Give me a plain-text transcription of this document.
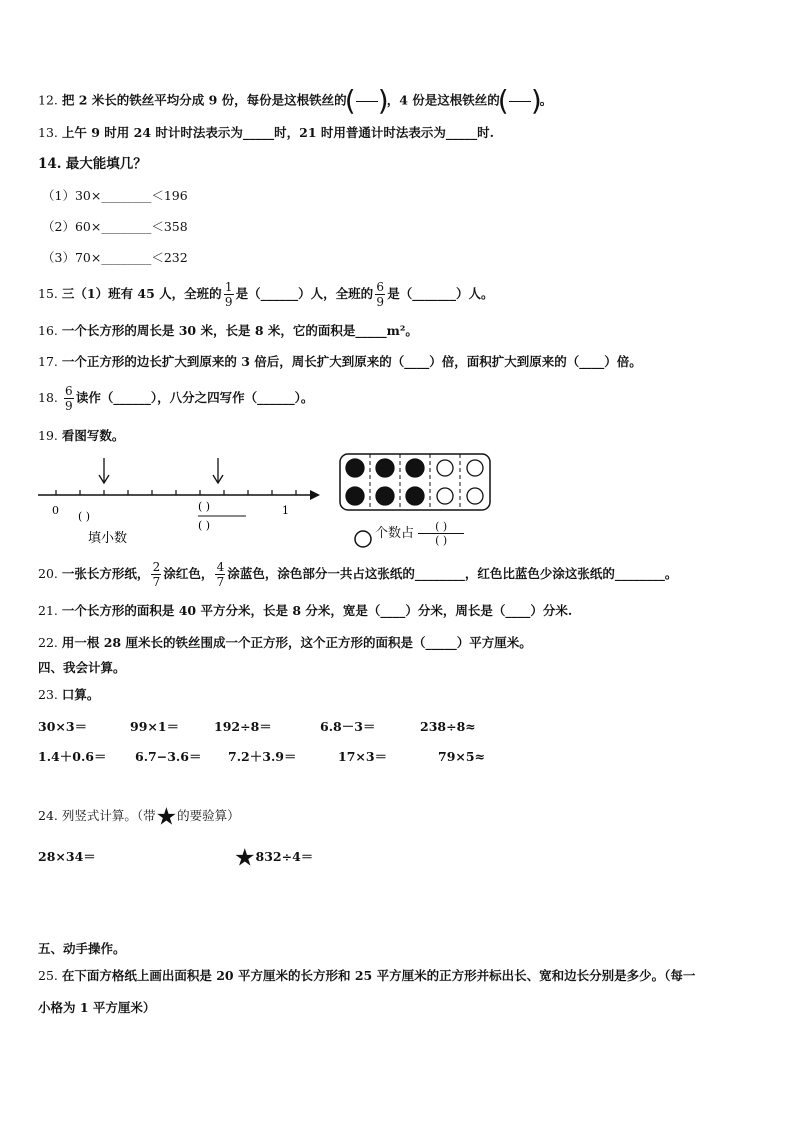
12. 把 2 米长的铁丝平均分成 9 份，每份是这根铁丝的
( )
，4 份是这根铁丝的
( )
。
13. 上午 9 时用 24 时计时法表示为_____时，21 时用普通计时法表示为_____时.
14. 最大能填几？
（1）30×________＜196
（2）60×________＜358
（3）70×________＜232
15. 三（1）班有 45 人，全班的 $\frac{1}{9}$ 是（______）人，全班的 $\frac{6}{9}$ 是（_______）人。
16. 一个长方形的周长是 30 米，长是 8 米，它的面积是_____m²。
17. 一个正方形的边长扩大到原来的 3 倍后，周长扩大到原来的（____）倍，面积扩大到原来的（____）倍。
18. $\frac{6}{9}$ 读作（______），八分之四写作（______）。
19. 看图写数。
0	1
( )
( )
( )
填小数	个数占 ( )
( )
20. 一张长方形纸， $\frac{2}{7}$ 涂红色， $\frac{4}{7}$ 涂蓝色，涂色部分一共占这张纸的________，红色比蓝色少涂这张纸的________。
21. 一个长方形的面积是 40 平方分米，长是 8 分米，宽是（____）分米，周长是（____）分米.
22. 用一根 28 厘米长的铁丝围成一个正方形，这个正方形的面积是（_____）平方厘米。
四、我会计算。
23. 口算。
30×3＝	99×1＝	192÷8＝	6.8－3＝	238÷8≈
1.4＋0.6＝ 6.7−3.6＝ 7.2＋3.9＝	17×3＝	79×5≈
24. 列竖式计算。（带★的要验算）
28×34＝	★832÷4＝
五、动手操作。
25. 在下面方格纸上画出面积是 20 平方厘米的长方形和 25 平方厘米的正方形并标出长、宽和边长分别是多少。（每一
小格为 1 平方厘米）
